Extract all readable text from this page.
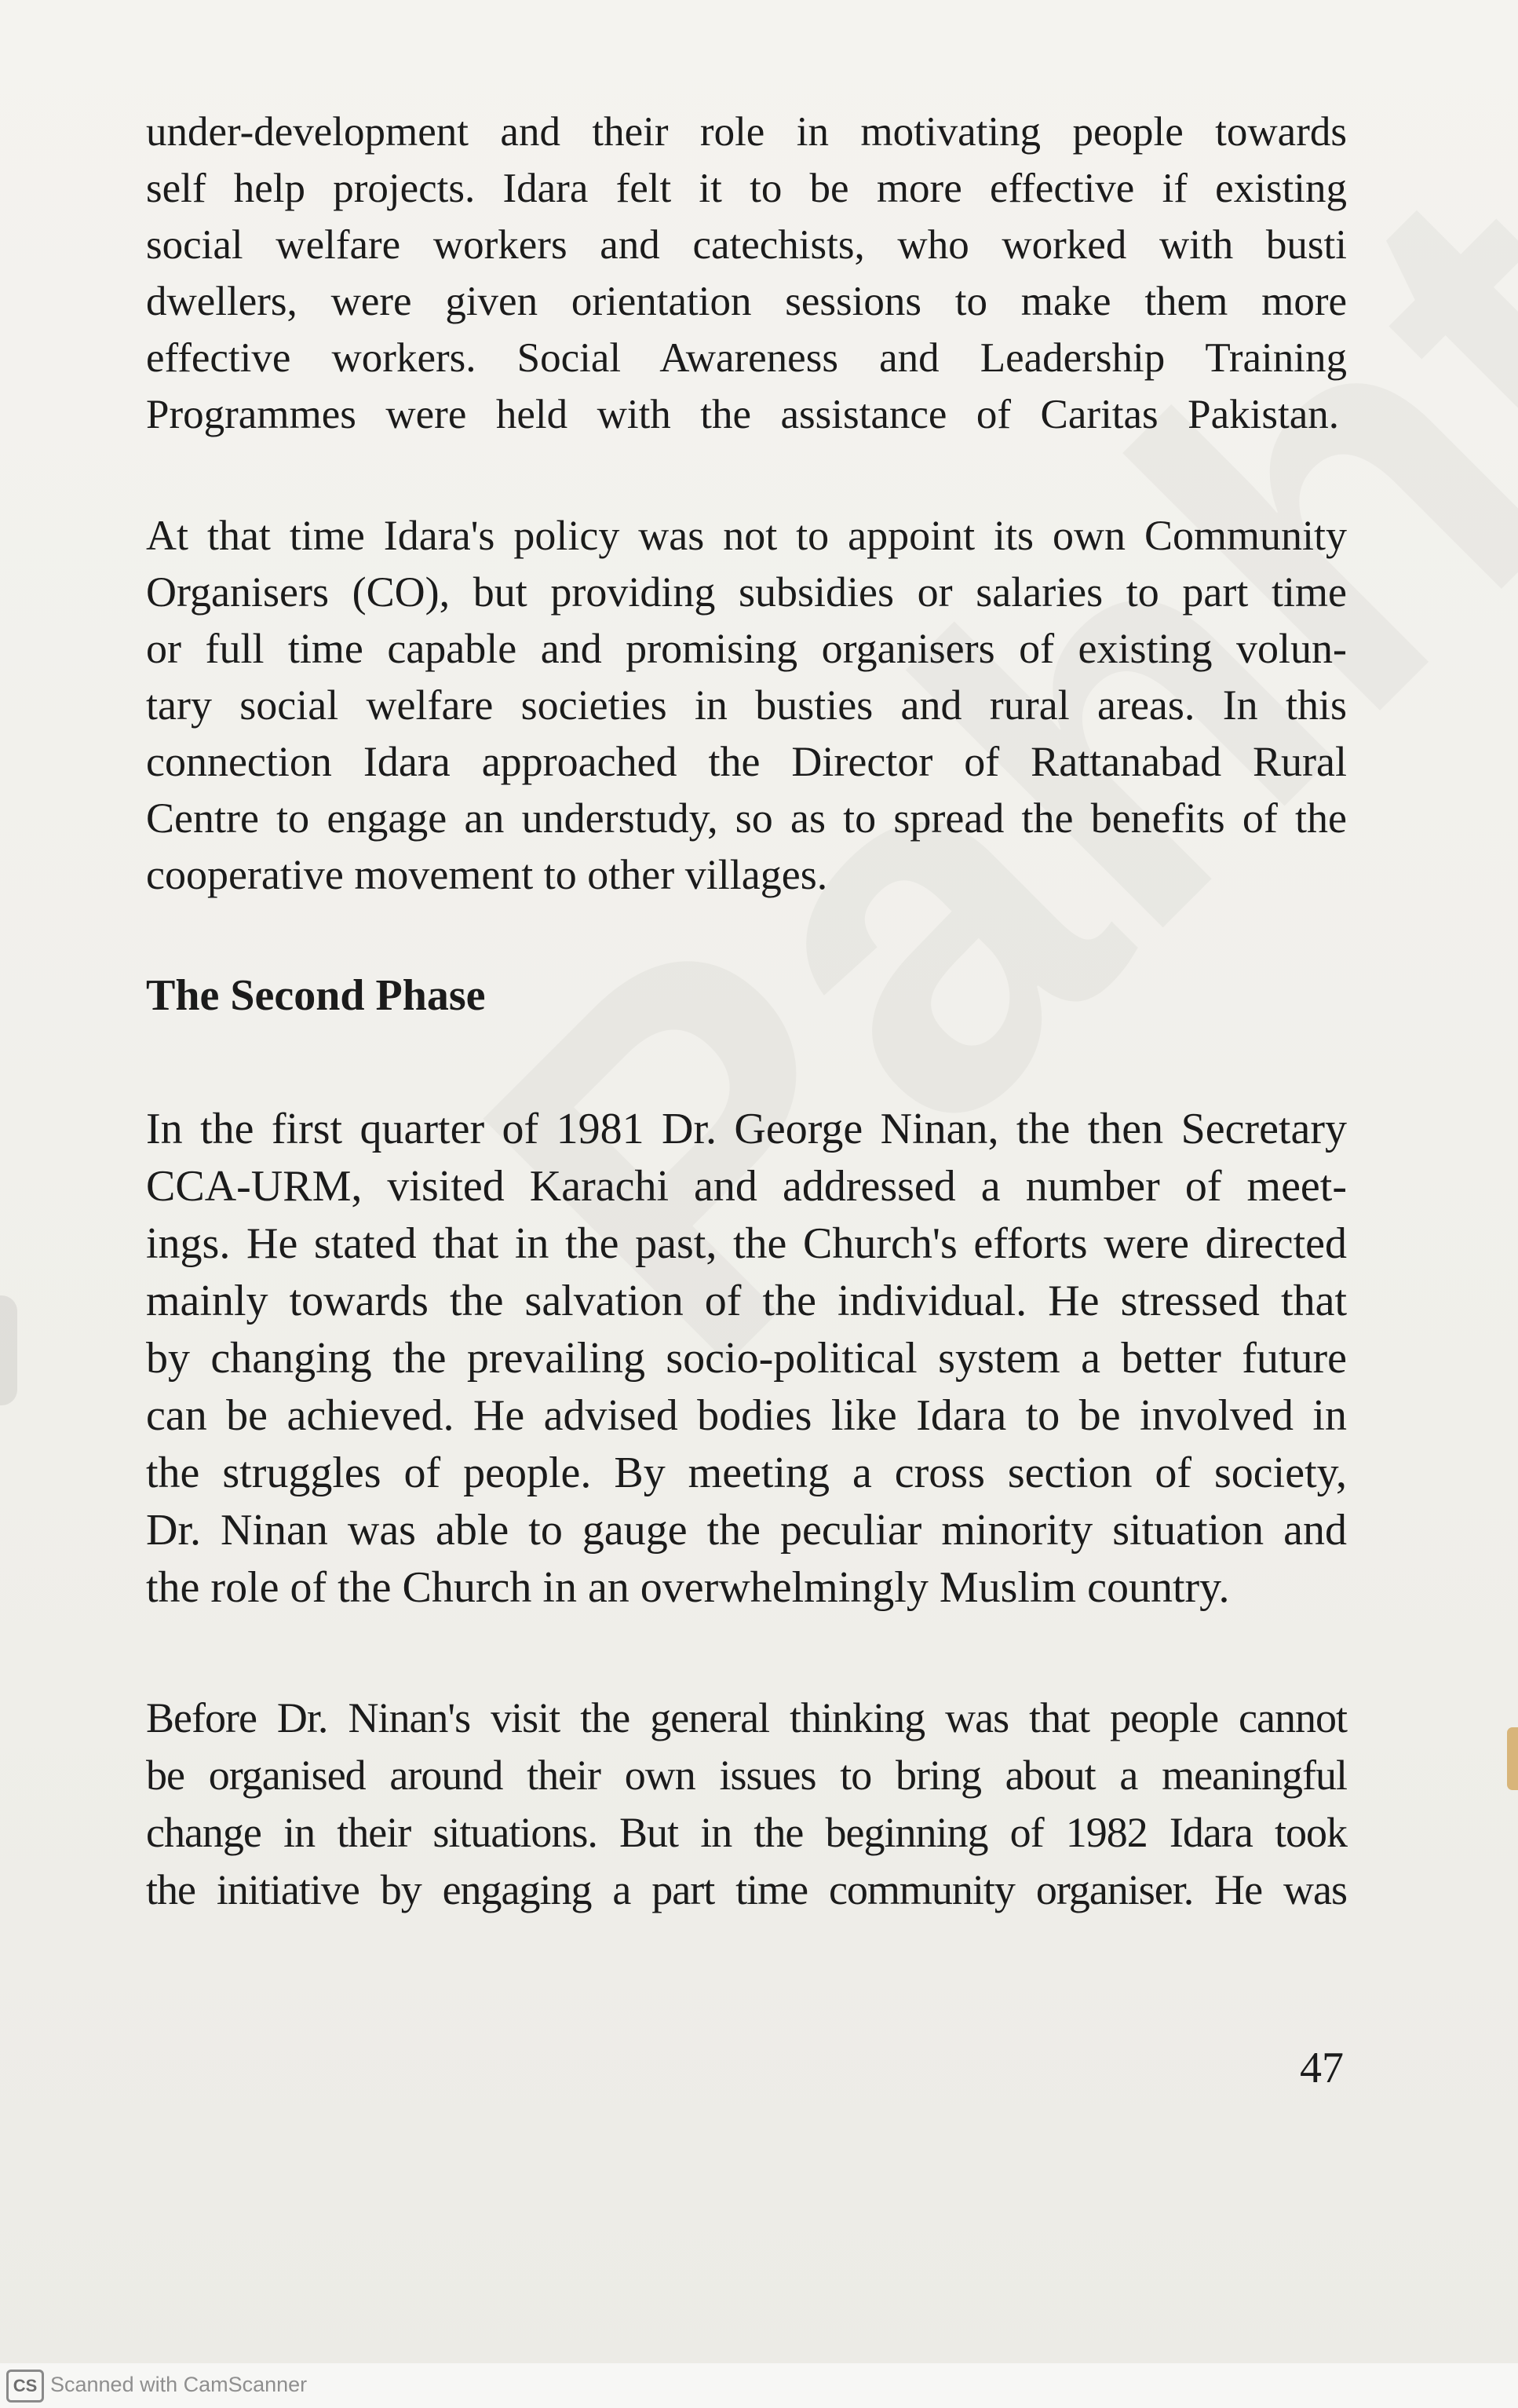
under-development and their role in motivating people towards
self help projects. Idara felt it to be more effective if existing
social welfare workers and catechists, who worked with busti
dwellers, were given orientation sessions to make them more
effective workers. Social Awareness and Leadership Training
Programmes were held with the assistance of Caritas Pakistan.
At that time Idara's policy was not to appoint its own Community
Organisers (CO), but providing subsidies or salaries to part time
or full time capable and promising organisers of existing volun-
tary social welfare societies in busties and rural areas. In this
connection Idara approached the Director of Rattanabad Rural
Centre to engage an understudy, so as to spread the benefits of the
cooperative movement to other villages.
The Second Phase
In the first quarter of 1981 Dr. George Ninan, the then Secretary
CCA-URM, visited Karachi and addressed a number of meet-
ings. He stated that in the past, the Church's efforts were directed
mainly towards the salvation of the individual. He stressed that
by changing the prevailing socio-political system a better future
can be achieved. He advised bodies like Idara to be involved in
the struggles of people. By meeting a cross section of society,
Dr. Ninan was able to gauge the peculiar minority situation and
the role of the Church in an overwhelmingly Muslim country.
Before Dr. Ninan's visit the general thinking was that people cannot
be organised around their own issues to bring about a meaningful
change in their situations. But in the beginning of 1982 Idara took
the initiative by engaging a part time community organiser. He was
47
CS Scanned with CamScanner
